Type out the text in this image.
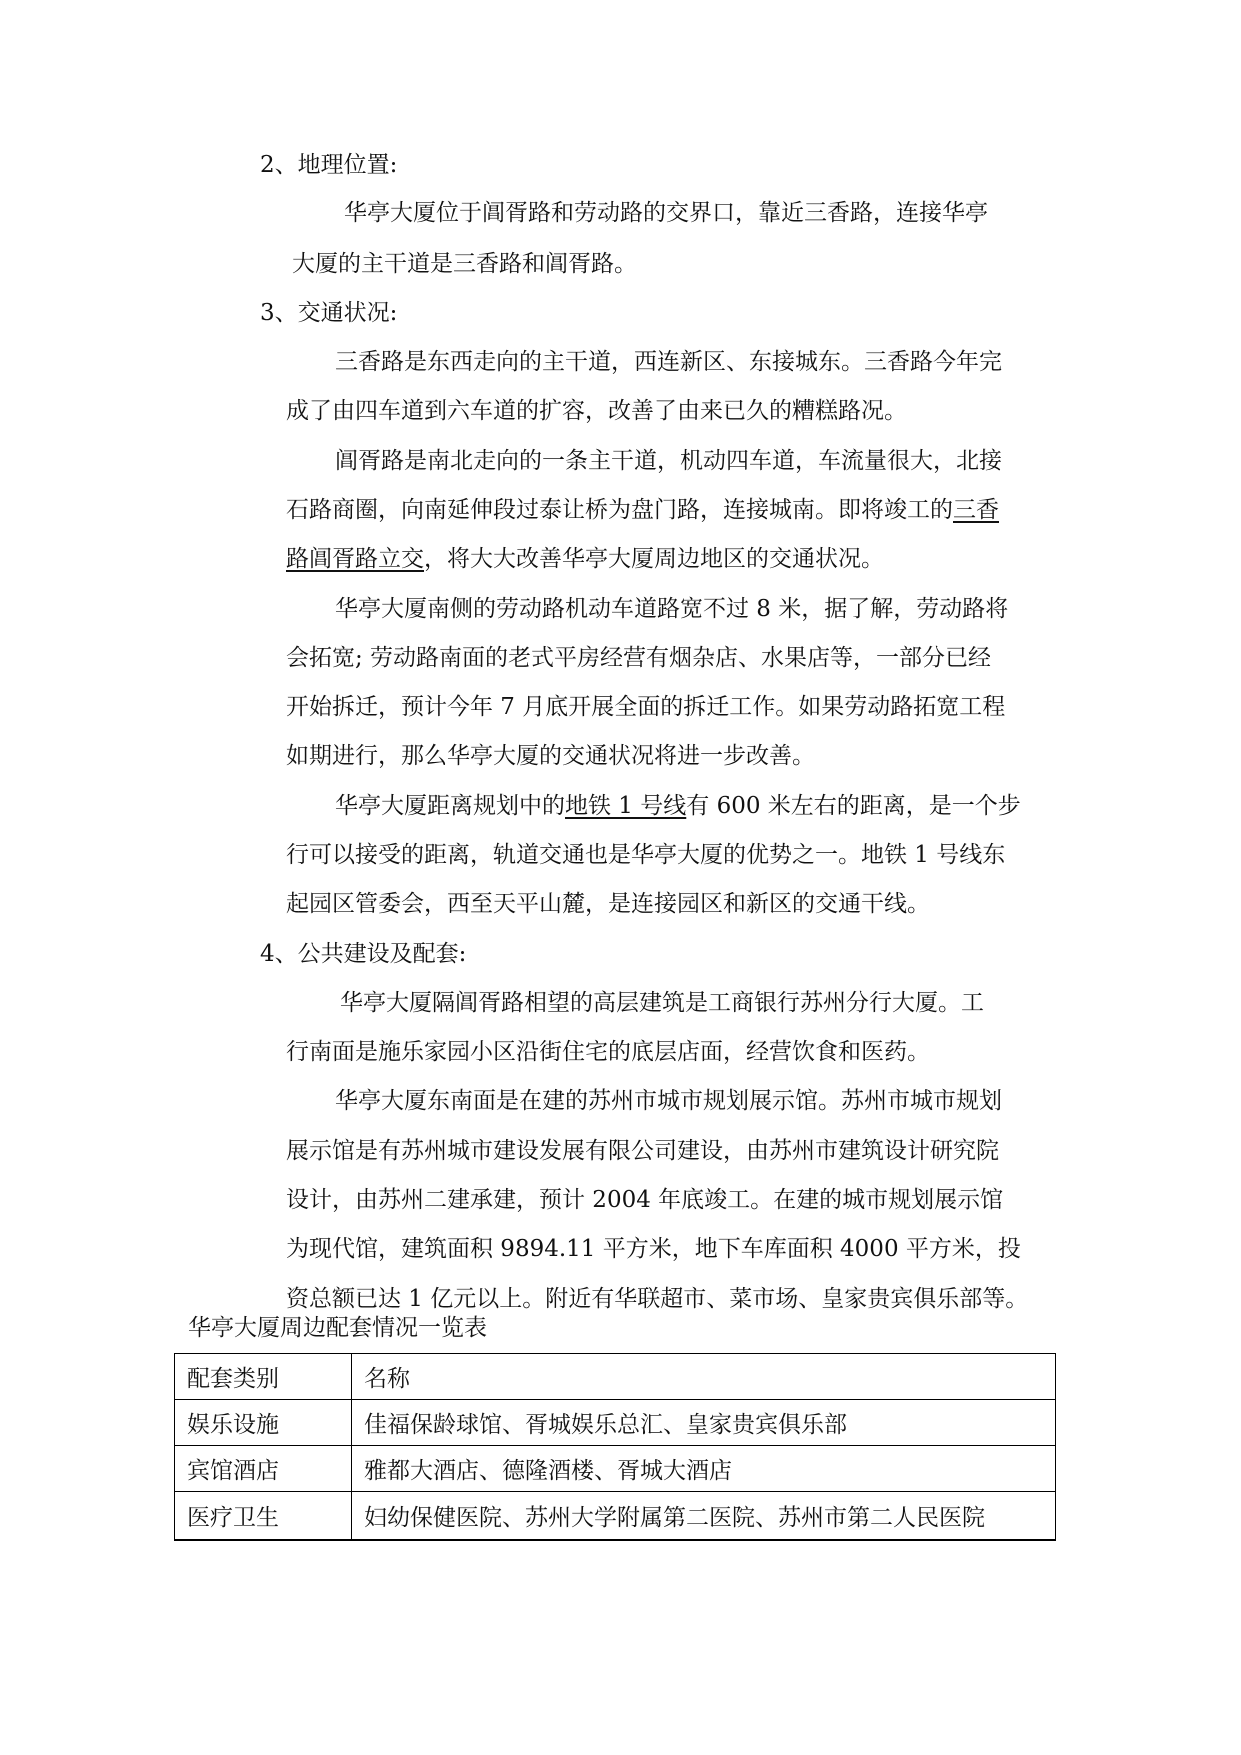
2、地理位置:
华亭大厦位于阊胥路和劳动路的交界口，靠近三香路，连接华亭
大厦的主干道是三香路和阊胥路。
3、交通状况:
三香路是东西走向的主干道，西连新区、东接城东。三香路今年完
成了由四车道到六车道的扩容，改善了由来已久的糟糕路况。
阊胥路是南北走向的一条主干道，机动四车道，车流量很大，北接
石路商圈，向南延伸段过泰让桥为盘门路，连接城南。即将竣工的三香
路阊胥路立交，将大大改善华亭大厦周边地区的交通状况。
华亭大厦南侧的劳动路机动车道路宽不过 8 米，据了解，劳动路将
会拓宽; 劳动路南面的老式平房经营有烟杂店、水果店等，一部分已经
开始拆迁，预计今年 7 月底开展全面的拆迁工作。如果劳动路拓宽工程
如期进行，那么华亭大厦的交通状况将进一步改善。
华亭大厦距离规划中的地铁 1 号线有 600 米左右的距离，是一个步
行可以接受的距离，轨道交通也是华亭大厦的优势之一。地铁 1 号线东
起园区管委会，西至天平山麓，是连接园区和新区的交通干线。
4、公共建设及配套:
华亭大厦隔阊胥路相望的高层建筑是工商银行苏州分行大厦。工
行南面是施乐家园小区沿街住宅的底层店面，经营饮食和医药。
华亭大厦东南面是在建的苏州市城市规划展示馆。苏州市城市规划
展示馆是有苏州城市建设发展有限公司建设，由苏州市建筑设计研究院
设计，由苏州二建承建，预计 2004 年底竣工。在建的城市规划展示馆
为现代馆，建筑面积 9894.11 平方米，地下车库面积 4000 平方米，投
资总额已达 1 亿元以上。附近有华联超市、菜市场、皇家贵宾俱乐部等。
华亭大厦周边配套情况一览表
配套类别	名称
娱乐设施	佳福保龄球馆、胥城娱乐总汇、皇家贵宾俱乐部
宾馆酒店	雅都大酒店、德隆酒楼、胥城大酒店
医疗卫生	妇幼保健医院、苏州大学附属第二医院、苏州市第二人民医院
